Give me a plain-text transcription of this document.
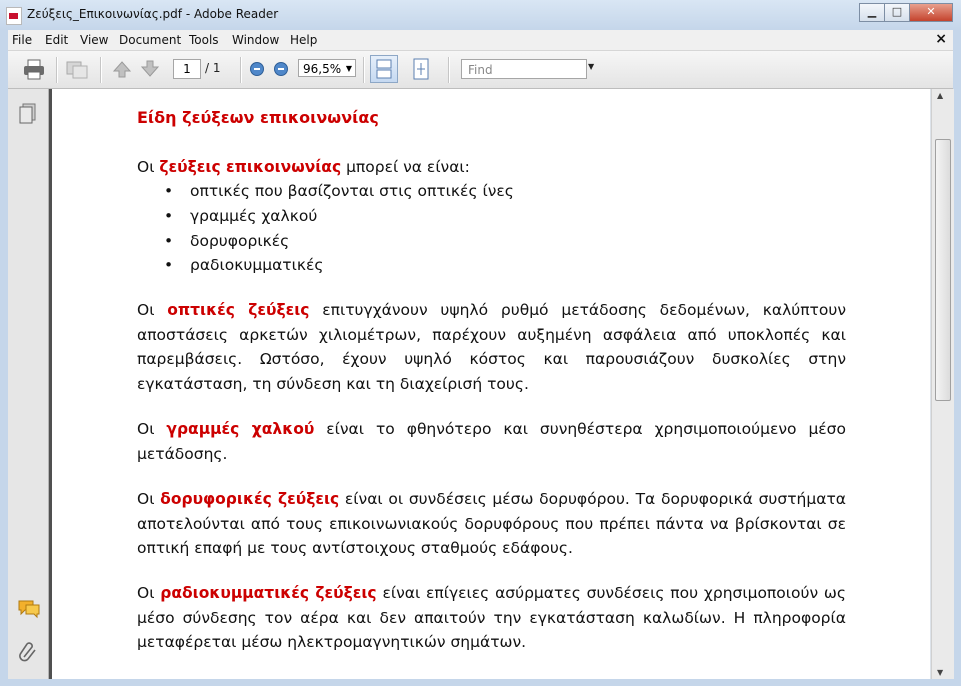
Ζεύξεις_Επικοινωνίας.pdf - Adobe Reader	▁	□	✕
File Edit View Document Tools Window Help	×
1	/ 1	96,5% ▼	Find	▼

Είδη ζεύξεων επικοινωνίας

Οι ζεύξεις επικοινωνίας μπορεί να είναι:

• οπτικές που βασίζονται στις οπτικές ίνες
• γραμμές χαλκού
• δορυφορικές
• ραδιοκυμματικές

Οι οπτικές ζεύξεις επιτυγχάνουν υψηλό ρυθμό μετάδοσης δεδομένων, καλύπτουν αποστάσεις αρκετών χιλιομέτρων, παρέχουν αυξημένη ασφάλεια από υποκλοπές και παρεμβάσεις. Ωστόσο, έχουν υψηλό κόστος και παρουσιάζουν δυσκολίες στην εγκατάσταση, τη σύνδεση και τη διαχείρισή τους.

Οι γραμμές χαλκού είναι το φθηνότερο και συνηθέστερα χρησιμοποιούμενο μέσο μετάδοσης.

Οι δορυφορικές ζεύξεις είναι οι συνδέσεις μέσω δορυφόρου. Τα δορυφορικά συστήματα αποτελούνται από τους επικοινωνιακούς δορυφόρους που πρέπει πάντα να βρίσκονται σε οπτική επαφή με τους αντίστοιχους σταθμούς εδάφους.

Οι ραδιοκυμματικές ζεύξεις είναι επίγειες ασύρματες συνδέσεις που χρησιμοποιούν ως μέσο σύνδεσης τον αέρα και δεν απαιτούν την εγκατάσταση καλωδίων. Η πληροφορία μεταφέρεται μέσω ηλεκτρομαγνητικών σημάτων.

▲
▼
